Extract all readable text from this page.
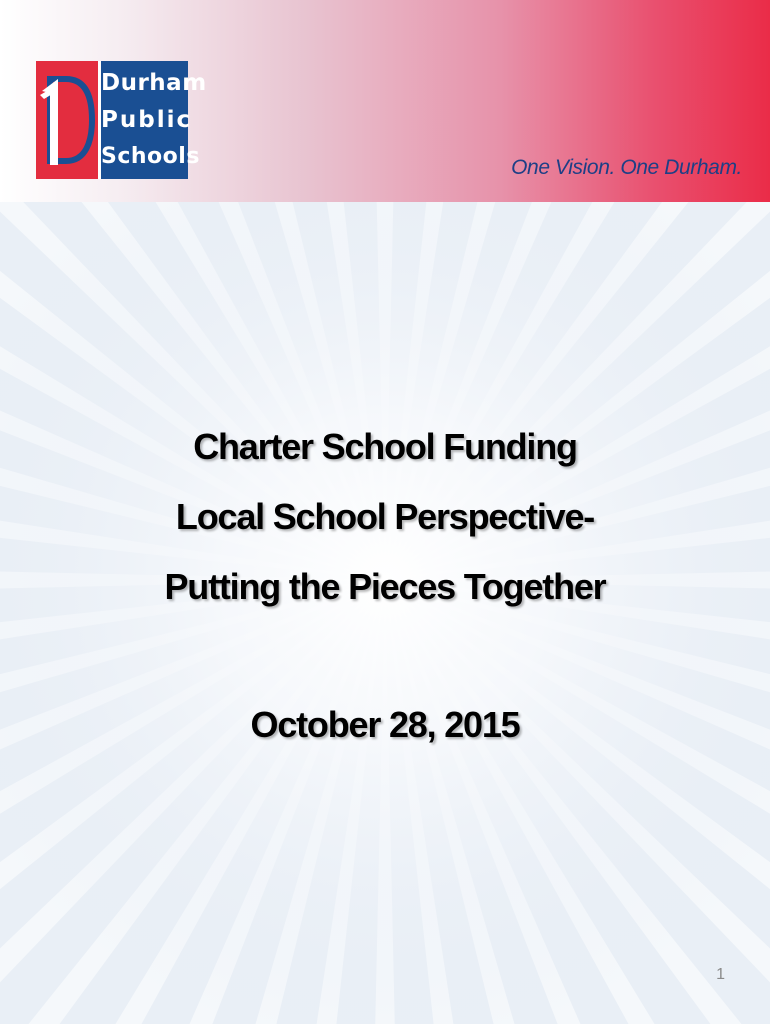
Durham
Public
Schools	One Vision. One Durham.
Charter School Funding
Local School Perspective-
Putting the Pieces Together
October 28, 2015
1
